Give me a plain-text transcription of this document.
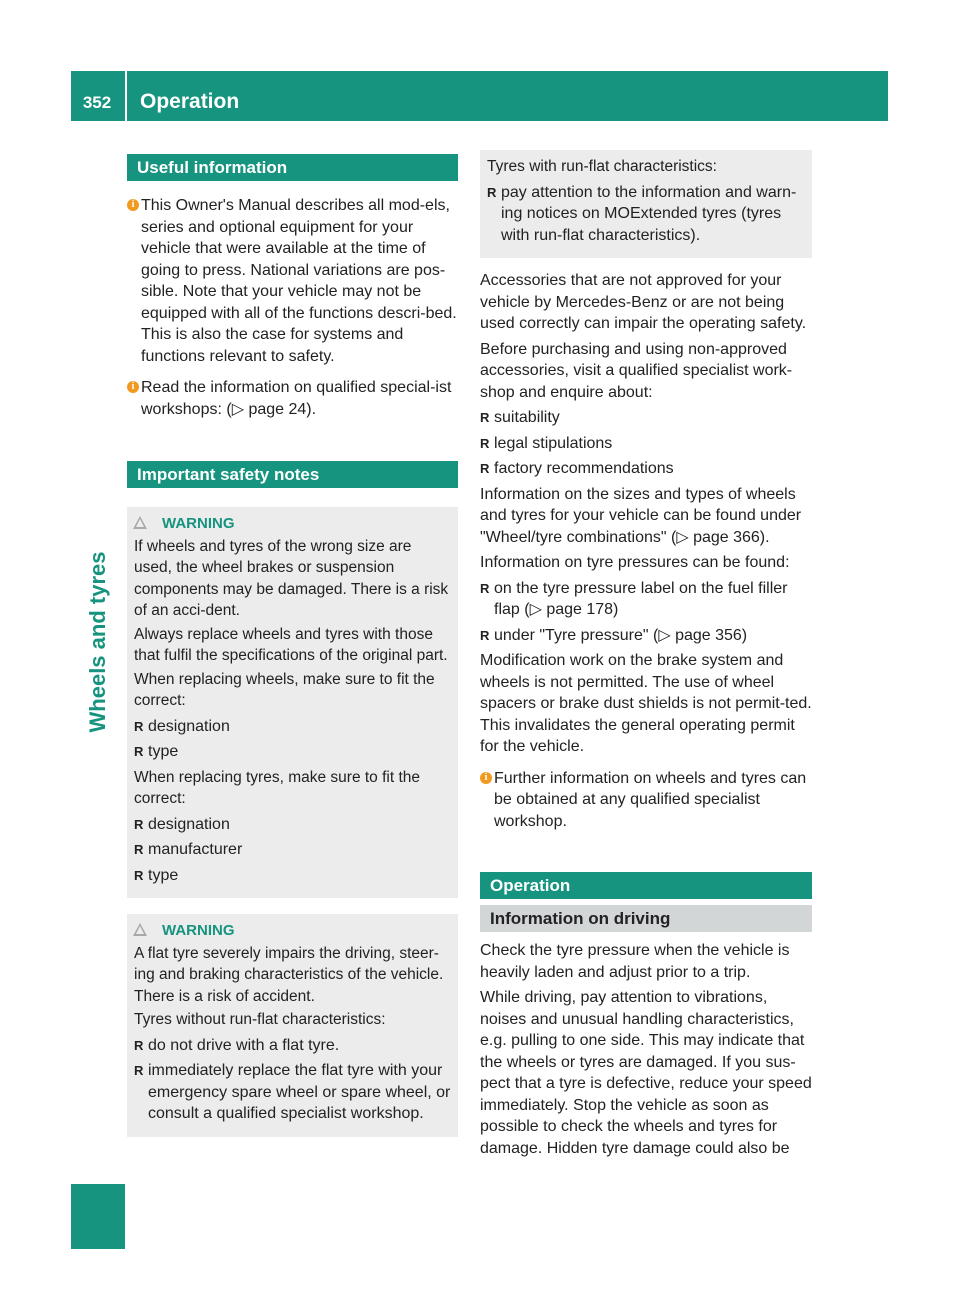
352	Operation
Wheels and tyres
Useful information
i This Owner's Manual describes all mod-els, series and optional equipment for your vehicle that were available at the time of going to press. National variations are pos-sible. Note that your vehicle may not be equipped with all of the functions descri-bed. This is also the case for systems and functions relevant to safety.

i Read the information on qualified special-ist workshops: (▷ page 24).

Important safety notes
WARNING

If wheels and tyres of the wrong size are used, the wheel brakes or suspension components may be damaged. There is a risk of an acci-dent.

Always replace wheels and tyres with those that fulfil the specifications of the original part.

When replacing wheels, make sure to fit the correct:

R designation
R type

When replacing tyres, make sure to fit the correct:

R designation
R manufacturer
R type
WARNING

A flat tyre severely impairs the driving, steer-ing and braking characteristics of the vehicle. There is a risk of accident.

Tyres without run-flat characteristics:

R do not drive with a flat tyre.
R immediately replace the flat tyre with your emergency spare wheel or spare wheel, or consult a qualified specialist workshop.

Tyres with run-flat characteristics:

R pay attention to the information and warn-ing notices on MOExtended tyres (tyres with run-flat characteristics).

Accessories that are not approved for your vehicle by Mercedes-Benz or are not being used correctly can impair the operating safety.

Before purchasing and using non-approved accessories, visit a qualified specialist work-shop and enquire about:

R suitability
R legal stipulations
R factory recommendations

Information on the sizes and types of wheels and tyres for your vehicle can be found under "Wheel/tyre combinations" (▷ page 366).

Information on tyre pressures can be found:

R on the tyre pressure label on the fuel filler flap (▷ page 178)
R under "Tyre pressure" (▷ page 356)

Modification work on the brake system and wheels is not permitted. The use of wheel spacers or brake dust shields is not permit-ted. This invalidates the general operating permit for the vehicle.

i Further information on wheels and tyres can be obtained at any qualified specialist workshop.

Operation
Information on driving

Check the tyre pressure when the vehicle is heavily laden and adjust prior to a trip.

While driving, pay attention to vibrations, noises and unusual handling characteristics, e.g. pulling to one side. This may indicate that the wheels or tyres are damaged. If you sus-pect that a tyre is defective, reduce your speed immediately. Stop the vehicle as soon as possible to check the wheels and tyres for damage. Hidden tyre damage could also be
